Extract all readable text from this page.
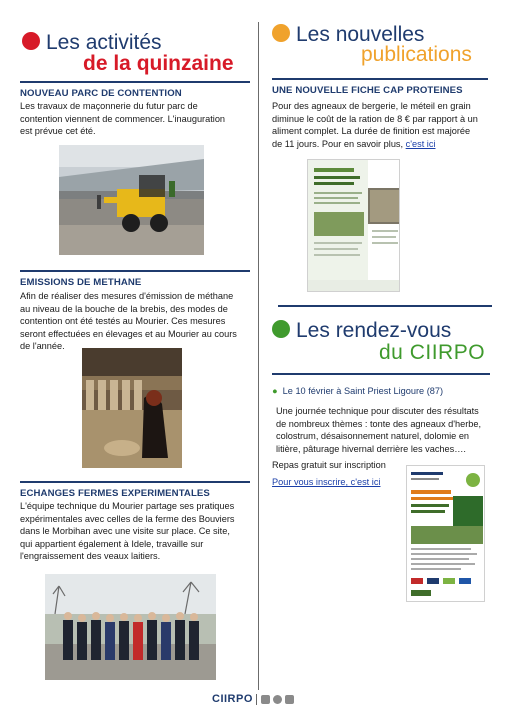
Les activités
de la quinzaine
NOUVEAU PARC DE CONTENTION
Les travaux de maçonnerie du futur parc de
contention viennent de commencer. L'inauguration
est prévue cet été.
EMISSIONS DE METHANE
Afin de réaliser des mesures d'émission de méthane
au niveau de la bouche de la brebis, des modes de
contention ont été testés au Mourier. Ces mesures
seront effectuées en élevages et au Mourier au cours
de l'année.
ECHANGES FERMES EXPERIMENTALES
L'équipe technique du Mourier partage ses pratiques
expérimentales avec celles de la ferme des Bouviers
dans le Morbihan avec une visite sur place. Ce site,
qui appartient également à Idele, travaille sur
l'engraissement des veaux laitiers.
Les nouvelles
publications
UNE NOUVELLE FICHE CAP PROTEINES
Pour des agneaux de bergerie, le méteil en grain
diminue le coût de la ration de 8 € par rapport à un
aliment complet. La durée de finition est majorée
de 11 jours. Pour en savoir plus, c'est ici
Les rendez-vous
du CIIRPO
● Le 10 février à Saint Priest Ligoure (87)
Une journée technique pour discuter des résultats
de nombreux thèmes : tonte des agneaux d'herbe,
colostrum, désaisonnement naturel, dolomie en
litière, pâturage hivernal derrière les vaches….
Repas gratuit sur inscription
Pour vous inscrire, c'est ici
CIIRPO
